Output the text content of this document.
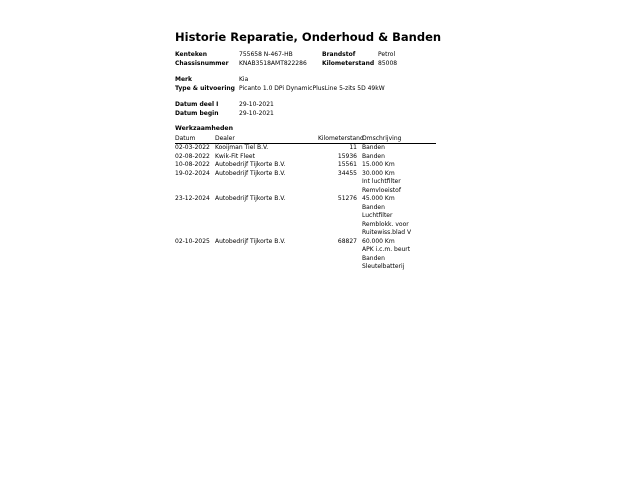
Historie Reparatie, Onderhoud & Banden
Kenteken	755658 N-467-HB
Chassisnummer KNAB3518AMT822286
Brandstof	Petrol
Kilometerstand 85008
Merk	Kia
Type & uitvoering Picanto 1.0 DPi DynamicPlusLine 5-zits 5D 49kW
Datum deel I	29-10-2021
Datum begin	29-10-2021
Werkzaamheden
Datum	Dealer	Kilometerstand
Omschrijving
02-03-2022 Kooijman Tiel B.V.	11 Banden
02-08-2022 Kwik-Fit Fleet	15936 Banden
10-08-2022 Autobedrijf Tijkorte B.V.	15561 15.000 Km
19-02-2024 Autobedrijf Tijkorte B.V.	34455 30.000 Km
Int luchtfilter
Remvloeistof
23-12-2024 Autobedrijf Tijkorte B.V.	51276 45.000 Km
Banden
Luchtfilter
Remblokk. voor
Ruitewiss.blad V
02-10-2025 Autobedrijf Tijkorte B.V.	68827 60.000 Km
APK i.c.m. beurt
Banden
Sleutelbatterij
